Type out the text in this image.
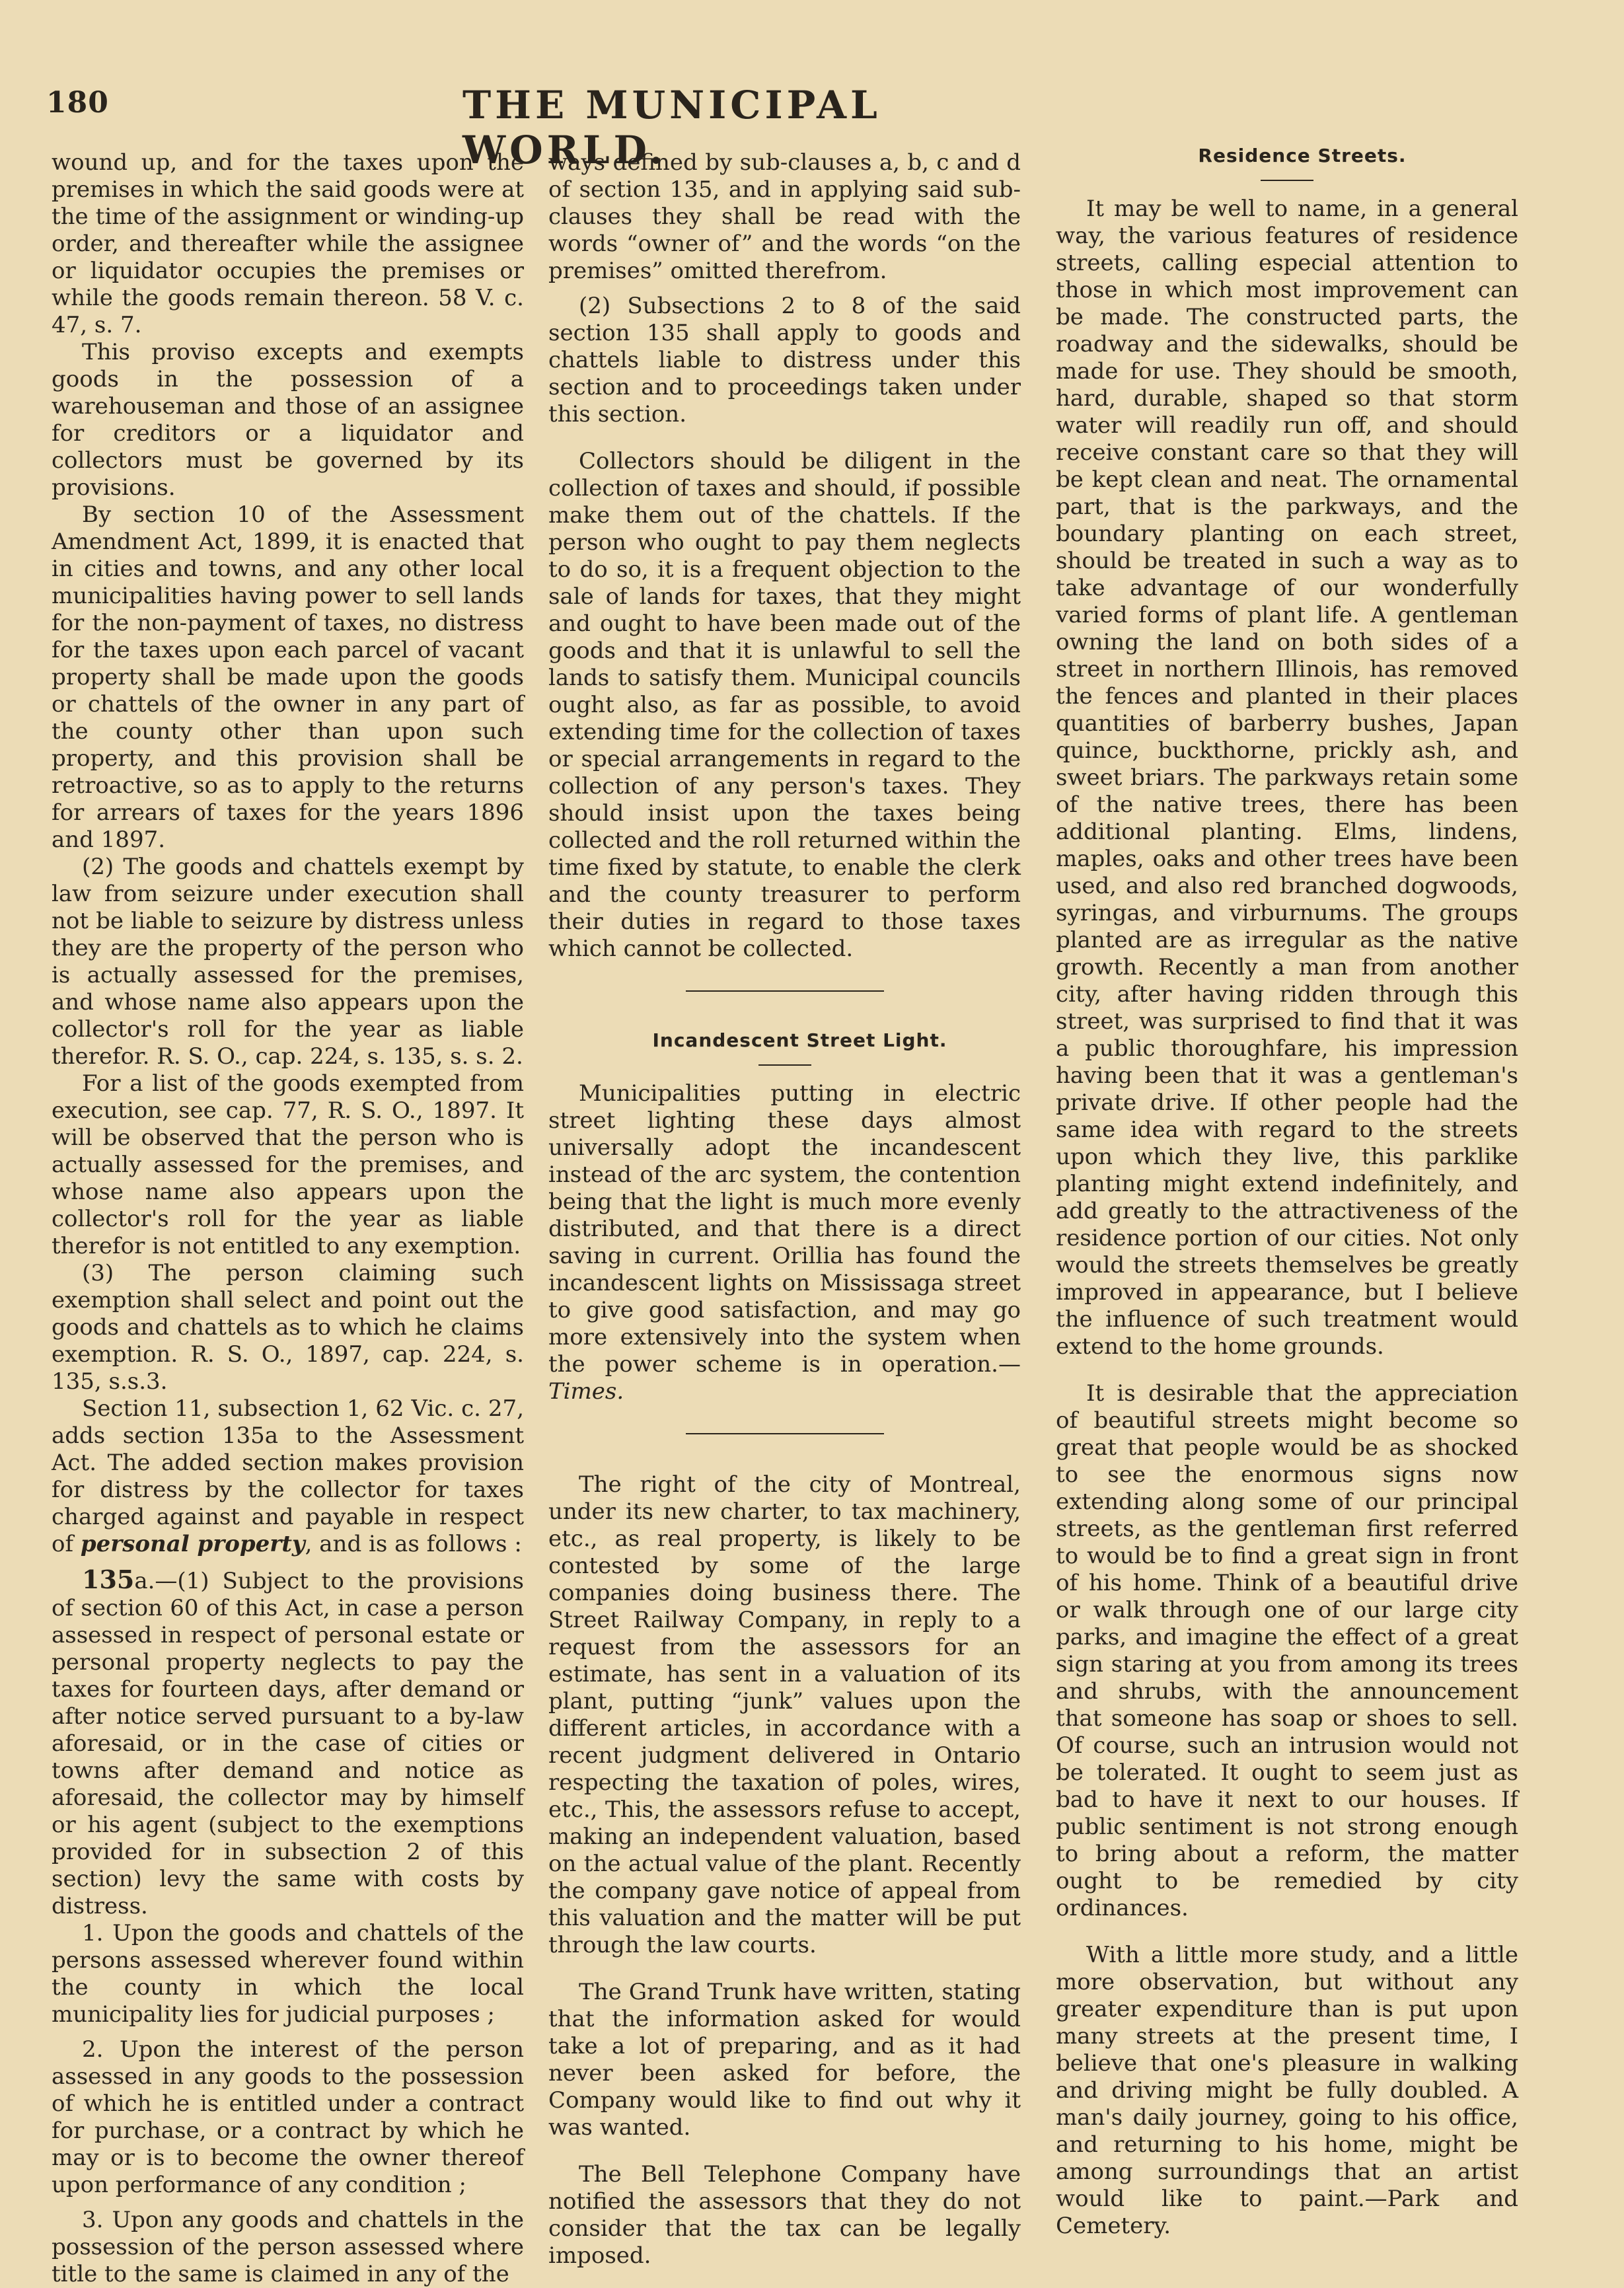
180	THE MUNICIPAL WORLD.

wound up, and for the taxes upon the premises in which the said goods were at the time of the assignment or winding-up order, and thereafter while the assignee or liquidator occupies the premises or while the goods remain thereon. 58 V. c. 47, s. 7.

This proviso excepts and exempts goods in the possession of a warehouseman and those of an assignee for creditors or a liquidator and collectors must be governed by its provisions.

By section 10 of the Assessment Amendment Act, 1899, it is enacted that in cities and towns, and any other local municipalities having power to sell lands for the non-payment of taxes, no distress for the taxes upon each parcel of vacant property shall be made upon the goods or chattels of the owner in any part of the county other than upon such property, and this provision shall be retroactive, so as to apply to the returns for arrears of taxes for the years 1896 and 1897.

(2) The goods and chattels exempt by law from seizure under execution shall not be liable to seizure by distress unless they are the property of the person who is actually assessed for the premises, and whose name also appears upon the collector's roll for the year as liable therefor. R. S. O., cap. 224, s. 135, s. s. 2.

For a list of the goods exempted from execution, see cap. 77, R. S. O., 1897. It will be observed that the person who is actually assessed for the premises, and whose name also appears upon the collector's roll for the year as liable therefor is not entitled to any exemption.

(3) The person claiming such exemption shall select and point out the goods and chattels as to which he claims exemption. R. S. O., 1897, cap. 224, s. 135, s.s.3.

Section 11, subsection 1, 62 Vic. c. 27, adds section 135a to the Assessment Act. The added section makes provision for distress by the collector for taxes charged against and payable in respect of personal property, and is as follows :

135a.—(1) Subject to the provisions of section 60 of this Act, in case a person assessed in respect of personal estate or personal property neglects to pay the taxes for fourteen days, after demand or after notice served pursuant to a by-law aforesaid, or in the case of cities or towns after demand and notice as aforesaid, the collector may by himself or his agent (subject to the exemptions provided for in subsection 2 of this section) levy the same with costs by distress.

1. Upon the goods and chattels of the persons assessed wherever found within the county in which the local municipality lies for judicial purposes ;

2. Upon the interest of the person assessed in any goods to the possession of which he is entitled under a contract for purchase, or a contract by which he may or is to become the owner thereof upon performance of any condition ;

3. Upon any goods and chattels in the possession of the person assessed where title to the same is claimed in any of the

ways defined by sub-clauses a, b, c and d of section 135, and in applying said sub-clauses they shall be read with the words “owner of” and the words “on the premises” omitted therefrom.

(2) Subsections 2 to 8 of the said section 135 shall apply to goods and chattels liable to distress under this section and to proceedings taken under this section.

Collectors should be diligent in the collection of taxes and should, if possible make them out of the chattels. If the person who ought to pay them neglects to do so, it is a frequent objection to the sale of lands for taxes, that they might and ought to have been made out of the goods and that it is unlawful to sell the lands to satisfy them. Municipal councils ought also, as far as possible, to avoid extending time for the collection of taxes or special arrangements in regard to the collection of any person's taxes. They should insist upon the taxes being collected and the roll returned within the time fixed by statute, to enable the clerk and the county treasurer to perform their duties in regard to those taxes which cannot be collected.

Incandescent Street Light.

Municipalities putting in electric street lighting these days almost universally adopt the incandescent instead of the arc system, the contention being that the light is much more evenly distributed, and that there is a direct saving in current. Orillia has found the incandescent lights on Mississaga street to give good satisfaction, and may go more extensively into the system when the power scheme is in operation.—Times.

The right of the city of Montreal, under its new charter, to tax machinery, etc., as real property, is likely to be contested by some of the large companies doing business there. The Street Railway Company, in reply to a request from the assessors for an estimate, has sent in a valuation of its plant, putting “junk” values upon the different articles, in accordance with a recent judgment delivered in Ontario respecting the taxation of poles, wires, etc., This, the assessors refuse to accept, making an independent valuation, based on the actual value of the plant. Recently the company gave notice of appeal from this valuation and the matter will be put through the law courts.

The Grand Trunk have written, stating that the information asked for would take a lot of preparing, and as it had never been asked for before, the Company would like to find out why it was wanted.

The Bell Telephone Company have notified the assessors that they do not consider that the tax can be legally imposed.

Residence Streets.

It may be well to name, in a general way, the various features of residence streets, calling especial attention to those in which most improvement can be made. The constructed parts, the roadway and the sidewalks, should be made for use. They should be smooth, hard, durable, shaped so that storm water will readily run off, and should receive constant care so that they will be kept clean and neat. The ornamental part, that is the parkways, and the boundary planting on each street, should be treated in such a way as to take advantage of our wonderfully varied forms of plant life. A gentleman owning the land on both sides of a street in northern Illinois, has removed the fences and planted in their places quantities of barberry bushes, Japan quince, buckthorne, prickly ash, and sweet briars. The parkways retain some of the native trees, there has been additional planting. Elms, lindens, maples, oaks and other trees have been used, and also red branched dogwoods, syringas, and virburnums. The groups planted are as irregular as the native growth. Recently a man from another city, after having ridden through this street, was surprised to find that it was a public thoroughfare, his impression having been that it was a gentleman's private drive. If other people had the same idea with regard to the streets upon which they live, this parklike planting might extend indefinitely, and add greatly to the attractiveness of the residence portion of our cities. Not only would the streets themselves be greatly improved in appearance, but I believe the influence of such treatment would extend to the home grounds.

It is desirable that the appreciation of beautiful streets might become so great that people would be as shocked to see the enormous signs now extending along some of our principal streets, as the gentleman first referred to would be to find a great sign in front of his home. Think of a beautiful drive or walk through one of our large city parks, and imagine the effect of a great sign staring at you from among its trees and shrubs, with the announcement that someone has soap or shoes to sell. Of course, such an intrusion would not be tolerated. It ought to seem just as bad to have it next to our houses. If public sentiment is not strong enough to bring about a reform, the matter ought to be remedied by city ordinances.

With a little more study, and a little more observation, but without any greater expenditure than is put upon many streets at the present time, I believe that one's pleasure in walking and driving might be fully doubled. A man's daily journey, going to his office, and returning to his home, might be among surroundings that an artist would like to paint.—Park and Cemetery.
